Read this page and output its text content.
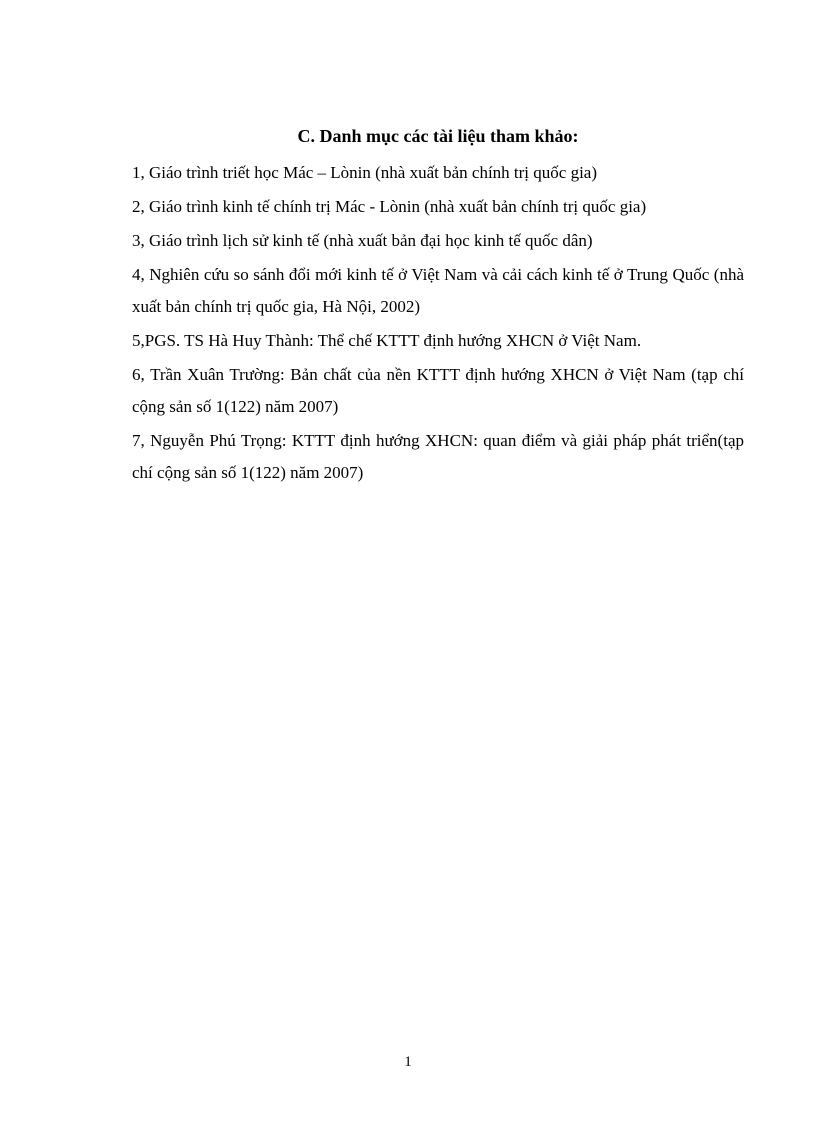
C. Danh mục các tài liệu tham khảo:
1, Giáo trình triết học Mác – Lònin (nhà xuất bản chính trị quốc gia)
2, Giáo trình kinh tế chính trị Mác - Lònin (nhà xuất bản chính trị quốc gia)
3, Giáo trình lịch sử kinh tế (nhà xuất bản đại học kinh tế quốc dân)
4, Nghiên cứu so sánh đổi mới kinh tế ở Việt Nam và cải cách kinh tế ở Trung Quốc (nhà xuất bản chính trị quốc gia, Hà Nội, 2002)
5,PGS. TS Hà Huy Thành: Thể chế KTTT định hướng XHCN ở Việt Nam.
6, Trần Xuân Trường: Bản chất của nền KTTT định hướng XHCN ở Việt Nam (tạp chí cộng sản số 1(122) năm 2007)
7, Nguyễn Phú Trọng: KTTT định hướng XHCN: quan điểm và giải pháp phát triển(tạp chí cộng sản số 1(122) năm 2007)
1
